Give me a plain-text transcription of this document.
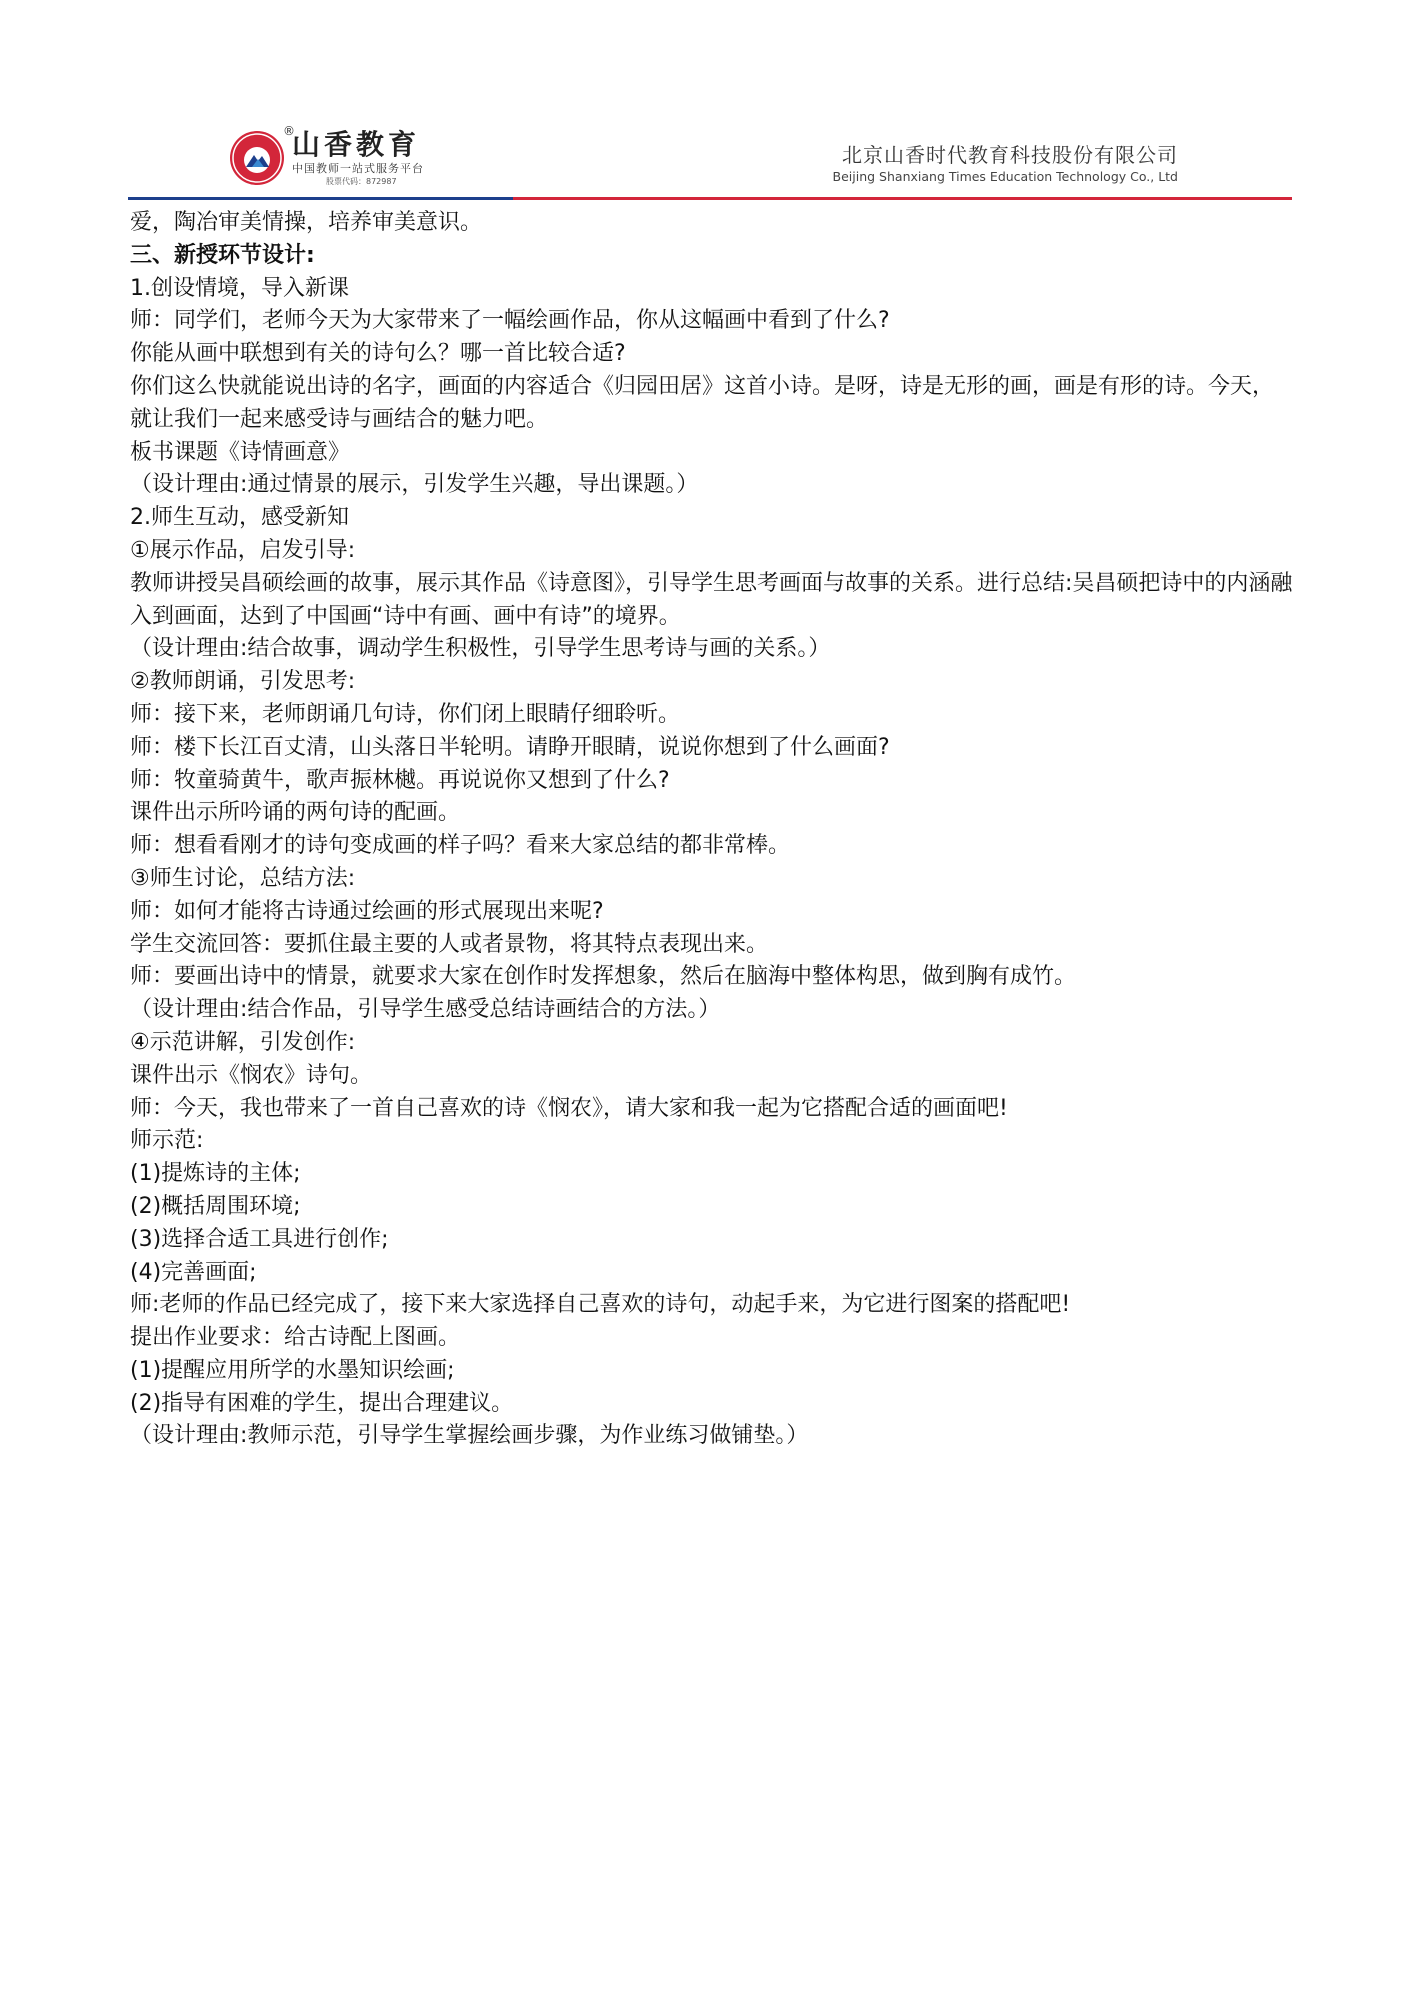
山香教育
中国教师一站式服务平台
股票代码：872987
®
北京山香时代教育科技股份有限公司
Beijing Shanxiang Times Education Technology Co., Ltd

爱，陶冶审美情操，培养审美意识。

三、新授环节设计:

1.创设情境，导入新课

师：同学们，老师今天为大家带来了一幅绘画作品，你从这幅画中看到了什么?

你能从画中联想到有关的诗句么？哪一首比较合适?

你们这么快就能说出诗的名字，画面的内容适合《归园田居》这首小诗。是呀，诗是无形的画，画是有形的诗。今天，就让我们一起来感受诗与画结合的魅力吧。

板书课题《诗情画意》

（设计理由:通过情景的展示，引发学生兴趣，导出课题。）

2.师生互动，感受新知

①展示作品，启发引导:

教师讲授吴昌硕绘画的故事，展示其作品《诗意图》，引导学生思考画面与故事的关系。进行总结:吴昌硕把诗中的内涵融入到画面，达到了中国画“诗中有画、画中有诗”的境界。

（设计理由:结合故事，调动学生积极性，引导学生思考诗与画的关系。）

②教师朗诵，引发思考:

师：接下来，老师朗诵几句诗，你们闭上眼睛仔细聆听。

师：楼下长江百丈清，山头落日半轮明。请睁开眼睛，说说你想到了什么画面?

师：牧童骑黄牛，歌声振林樾。再说说你又想到了什么?

课件出示所吟诵的两句诗的配画。

师：想看看刚才的诗句变成画的样子吗？看来大家总结的都非常棒。

③师生讨论，总结方法:

师：如何才能将古诗通过绘画的形式展现出来呢?

学生交流回答：要抓住最主要的人或者景物，将其特点表现出来。

师：要画出诗中的情景，就要求大家在创作时发挥想象，然后在脑海中整体构思，做到胸有成竹。

（设计理由:结合作品，引导学生感受总结诗画结合的方法。）

④示范讲解，引发创作:

课件出示《悯农》诗句。

师：今天，我也带来了一首自己喜欢的诗《悯农》，请大家和我一起为它搭配合适的画面吧!

师示范:

(1)提炼诗的主体;

(2)概括周围环境;

(3)选择合适工具进行创作;

(4)完善画面;

师:老师的作品已经完成了，接下来大家选择自己喜欢的诗句，动起手来，为它进行图案的搭配吧!

提出作业要求：给古诗配上图画。

(1)提醒应用所学的水墨知识绘画;

(2)指导有困难的学生，提出合理建议。

（设计理由:教师示范，引导学生掌握绘画步骤，为作业练习做铺垫。）
